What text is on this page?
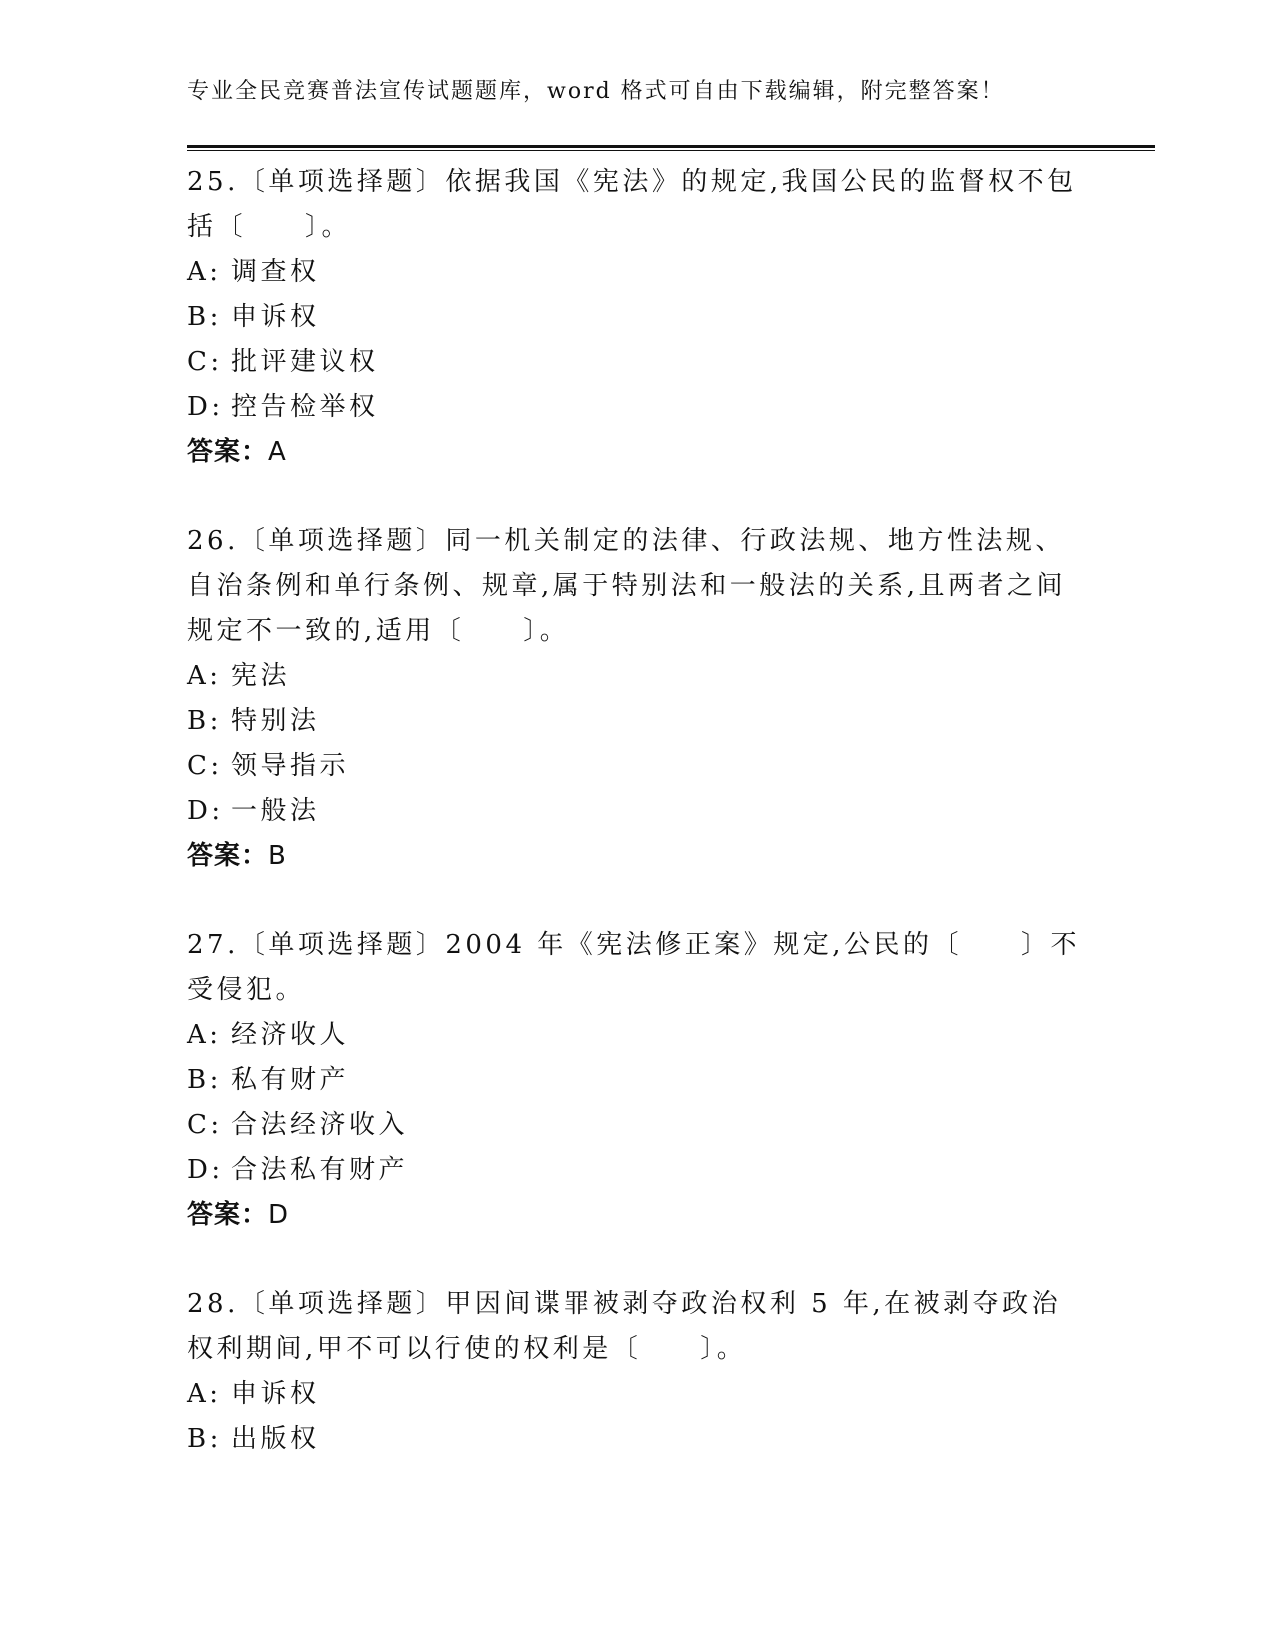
专业全民竞赛普法宣传试题题库，word 格式可自由下载编辑，附完整答案！

25.〔单项选择题〕依据我国《宪法》的规定,我国公民的监督权不包括〔　　〕。

A: 调查权

B: 申诉权

C: 批评建议权

D: 控告检举权

答案：A

26.〔单项选择题〕同一机关制定的法律、行政法规、地方性法规、自治条例和单行条例、规章,属于特别法和一般法的关系,且两者之间规定不一致的,适用〔　　〕。

A: 宪法

B: 特别法

C: 领导指示

D: 一般法

答案：B

27.〔单项选择题〕2004 年《宪法修正案》规定,公民的〔　　〕不受侵犯。

A: 经济收人

B: 私有财产

C: 合法经济收入

D: 合法私有财产

答案：D

28.〔单项选择题〕甲因间谍罪被剥夺政治权利 5 年,在被剥夺政治权利期间,甲不可以行使的权利是〔　　〕。

A: 申诉权

B: 出版权
